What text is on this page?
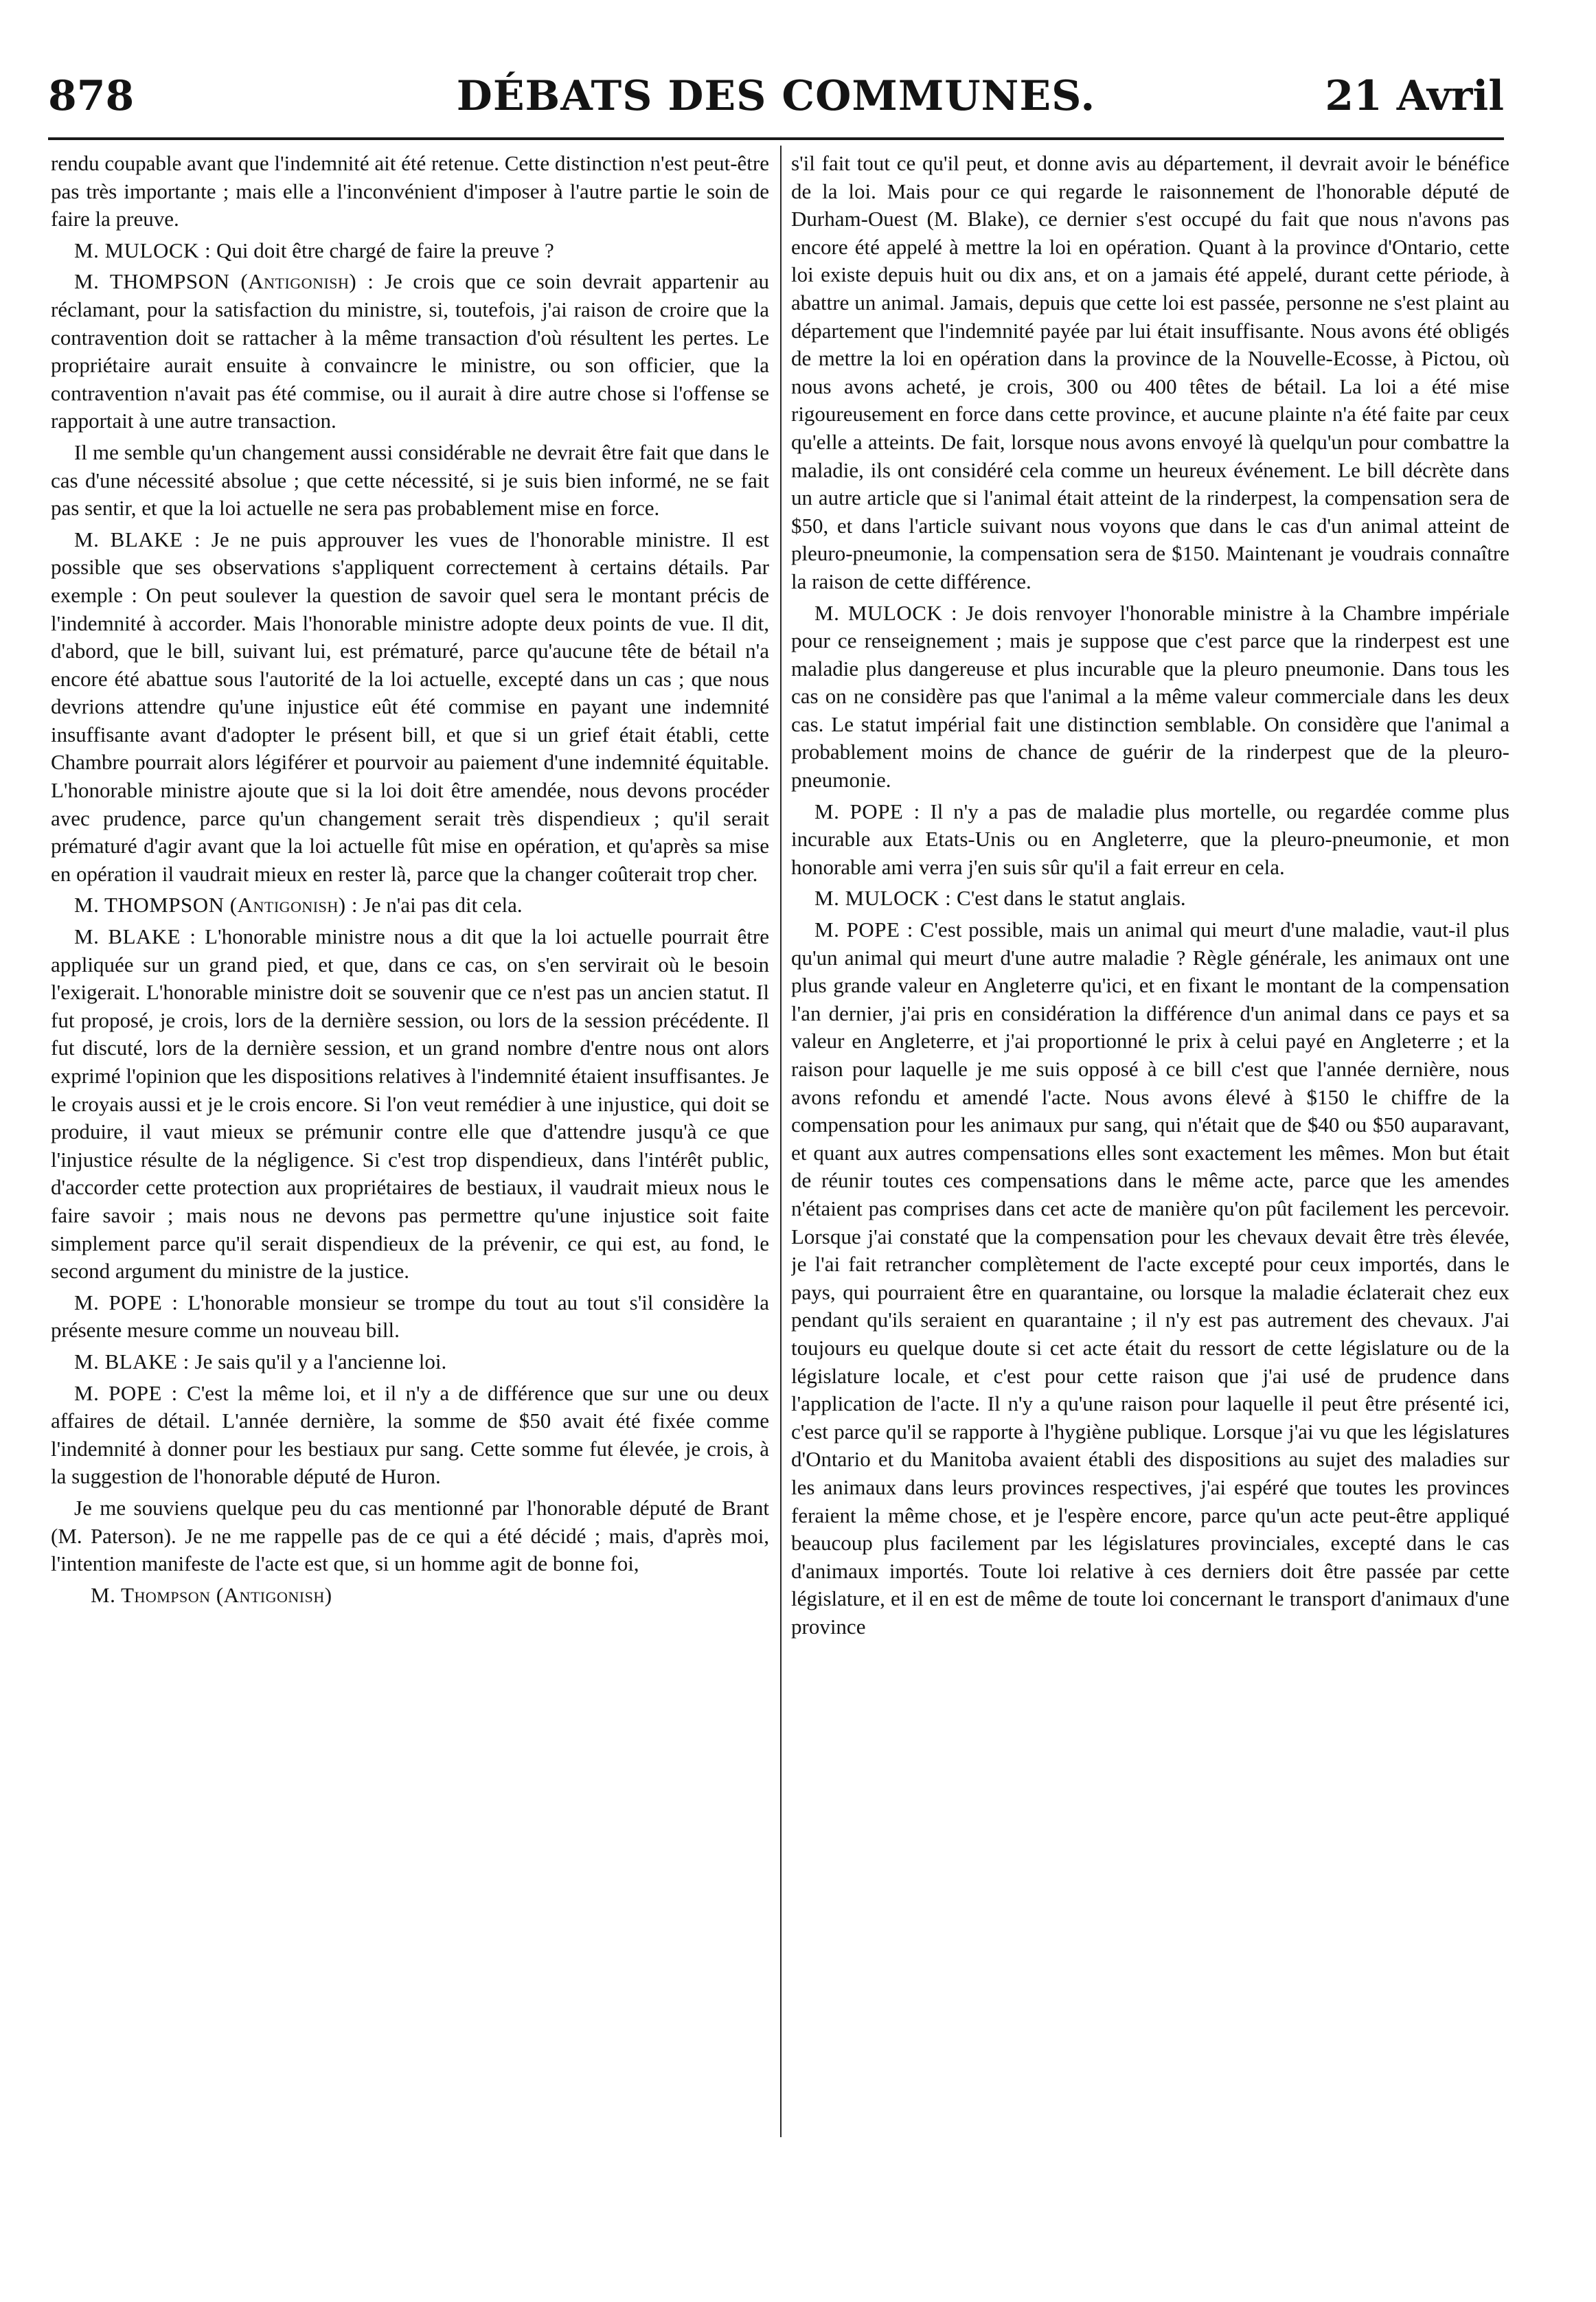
878	DÉBATS DES COMMUNES.	21 Avril

rendu coupable avant que l'indemnité ait été retenue. Cette distinction n'est peut-être pas très importante ; mais elle a l'inconvénient d'imposer à l'autre partie le soin de faire la preuve.

M. MULOCK : Qui doit être chargé de faire la preuve ?

M. THOMPSON (Antigonish) : Je crois que ce soin devrait appartenir au réclamant, pour la satisfaction du ministre, si, toutefois, j'ai raison de croire que la contravention doit se rattacher à la même transaction d'où résultent les pertes. Le propriétaire aurait ensuite à convaincre le ministre, ou son officier, que la contravention n'avait pas été commise, ou il aurait à dire autre chose si l'offense se rapportait à une autre transaction.

Il me semble qu'un changement aussi considérable ne devrait être fait que dans le cas d'une nécessité absolue ; que cette nécessité, si je suis bien informé, ne se fait pas sentir, et que la loi actuelle ne sera pas probablement mise en force.

M. BLAKE : Je ne puis approuver les vues de l'honorable ministre. Il est possible que ses observations s'appliquent correctement à certains détails. Par exemple : On peut soulever la question de savoir quel sera le montant précis de l'indemnité à accorder. Mais l'honorable ministre adopte deux points de vue. Il dit, d'abord, que le bill, suivant lui, est prématuré, parce qu'aucune tête de bétail n'a encore été abattue sous l'autorité de la loi actuelle, excepté dans un cas ; que nous devrions attendre qu'une injustice eût été commise en payant une indemnité insuffisante avant d'adopter le présent bill, et que si un grief était établi, cette Chambre pourrait alors légiférer et pourvoir au paiement d'une indemnité équitable. L'honorable ministre ajoute que si la loi doit être amendée, nous devons procéder avec prudence, parce qu'un changement serait très dispendieux ; qu'il serait prématuré d'agir avant que la loi actuelle fût mise en opération, et qu'après sa mise en opération il vaudrait mieux en rester là, parce que la changer coûterait trop cher.

M. THOMPSON (Antigonish) : Je n'ai pas dit cela.

M. BLAKE : L'honorable ministre nous a dit que la loi actuelle pourrait être appliquée sur un grand pied, et que, dans ce cas, on s'en servirait où le besoin l'exigerait. L'honorable ministre doit se souvenir que ce n'est pas un ancien statut. Il fut proposé, je crois, lors de la dernière session, ou lors de la session précédente. Il fut discuté, lors de la dernière session, et un grand nombre d'entre nous ont alors exprimé l'opinion que les dispositions relatives à l'indemnité étaient insuffisantes. Je le croyais aussi et je le crois encore. Si l'on veut remédier à une injustice, qui doit se produire, il vaut mieux se prémunir contre elle que d'attendre jusqu'à ce que l'injustice résulte de la négligence. Si c'est trop dispendieux, dans l'intérêt public, d'accorder cette protection aux propriétaires de bestiaux, il vaudrait mieux nous le faire savoir ; mais nous ne devons pas permettre qu'une injustice soit faite simplement parce qu'il serait dispendieux de la prévenir, ce qui est, au fond, le second argument du ministre de la justice.

M. POPE : L'honorable monsieur se trompe du tout au tout s'il considère la présente mesure comme un nouveau bill.

M. BLAKE : Je sais qu'il y a l'ancienne loi.

M. POPE : C'est la même loi, et il n'y a de différence que sur une ou deux affaires de détail. L'année dernière, la somme de $50 avait été fixée comme l'indemnité à donner pour les bestiaux pur sang. Cette somme fut élevée, je crois, à la suggestion de l'honorable député de Huron.

Je me souviens quelque peu du cas mentionné par l'honorable député de Brant (M. Paterson). Je ne me rappelle pas de ce qui a été décidé ; mais, d'après moi, l'intention manifeste de l'acte est que, si un homme agit de bonne foi,

M. Thompson (Antigonish)

s'il fait tout ce qu'il peut, et donne avis au département, il devrait avoir le bénéfice de la loi. Mais pour ce qui regarde le raisonnement de l'honorable député de Durham-Ouest (M. Blake), ce dernier s'est occupé du fait que nous n'avons pas encore été appelé à mettre la loi en opération. Quant à la province d'Ontario, cette loi existe depuis huit ou dix ans, et on a jamais été appelé, durant cette période, à abattre un animal. Jamais, depuis que cette loi est passée, personne ne s'est plaint au département que l'indemnité payée par lui était insuffisante. Nous avons été obligés de mettre la loi en opération dans la province de la Nouvelle-Ecosse, à Pictou, où nous avons acheté, je crois, 300 ou 400 têtes de bétail. La loi a été mise rigoureusement en force dans cette province, et aucune plainte n'a été faite par ceux qu'elle a atteints. De fait, lorsque nous avons envoyé là quelqu'un pour combattre la maladie, ils ont considéré cela comme un heureux événement. Le bill décrète dans un autre article que si l'animal était atteint de la rinderpest, la compensation sera de $50, et dans l'article suivant nous voyons que dans le cas d'un animal atteint de pleuro-pneumonie, la compensation sera de $150. Maintenant je voudrais connaître la raison de cette différence.

M. MULOCK : Je dois renvoyer l'honorable ministre à la Chambre impériale pour ce renseignement ; mais je suppose que c'est parce que la rinderpest est une maladie plus dangereuse et plus incurable que la pleuro pneumonie. Dans tous les cas on ne considère pas que l'animal a la même valeur commerciale dans les deux cas. Le statut impérial fait une distinction semblable. On considère que l'animal a probablement moins de chance de guérir de la rinderpest que de la pleuro-pneumonie.

M. POPE : Il n'y a pas de maladie plus mortelle, ou regardée comme plus incurable aux Etats-Unis ou en Angleterre, que la pleuro-pneumonie, et mon honorable ami verra j'en suis sûr qu'il a fait erreur en cela.

M. MULOCK : C'est dans le statut anglais.

M. POPE : C'est possible, mais un animal qui meurt d'une maladie, vaut-il plus qu'un animal qui meurt d'une autre maladie ? Règle générale, les animaux ont une plus grande valeur en Angleterre qu'ici, et en fixant le montant de la compensation l'an dernier, j'ai pris en considération la différence d'un animal dans ce pays et sa valeur en Angleterre, et j'ai proportionné le prix à celui payé en Angleterre ; et la raison pour laquelle je me suis opposé à ce bill c'est que l'année dernière, nous avons refondu et amendé l'acte. Nous avons élevé à $150 le chiffre de la compensation pour les animaux pur sang, qui n'était que de $40 ou $50 auparavant, et quant aux autres compensations elles sont exactement les mêmes. Mon but était de réunir toutes ces compensations dans le même acte, parce que les amendes n'étaient pas comprises dans cet acte de manière qu'on pût facilement les percevoir. Lorsque j'ai constaté que la compensation pour les chevaux devait être très élevée, je l'ai fait retrancher complètement de l'acte excepté pour ceux importés, dans le pays, qui pourraient être en quarantaine, ou lorsque la maladie éclaterait chez eux pendant qu'ils seraient en quarantaine ; il n'y est pas autrement des chevaux. J'ai toujours eu quelque doute si cet acte était du ressort de cette législature ou de la législature locale, et c'est pour cette raison que j'ai usé de prudence dans l'application de l'acte. Il n'y a qu'une raison pour laquelle il peut être présenté ici, c'est parce qu'il se rapporte à l'hygiène publique. Lorsque j'ai vu que les législatures d'Ontario et du Manitoba avaient établi des dispositions au sujet des maladies sur les animaux dans leurs provinces respectives, j'ai espéré que toutes les provinces feraient la même chose, et je l'espère encore, parce qu'un acte peut-être appliqué beaucoup plus facilement par les législatures provinciales, excepté dans le cas d'animaux importés. Toute loi relative à ces derniers doit être passée par cette législature, et il en est de même de toute loi concernant le transport d'animaux d'une province
